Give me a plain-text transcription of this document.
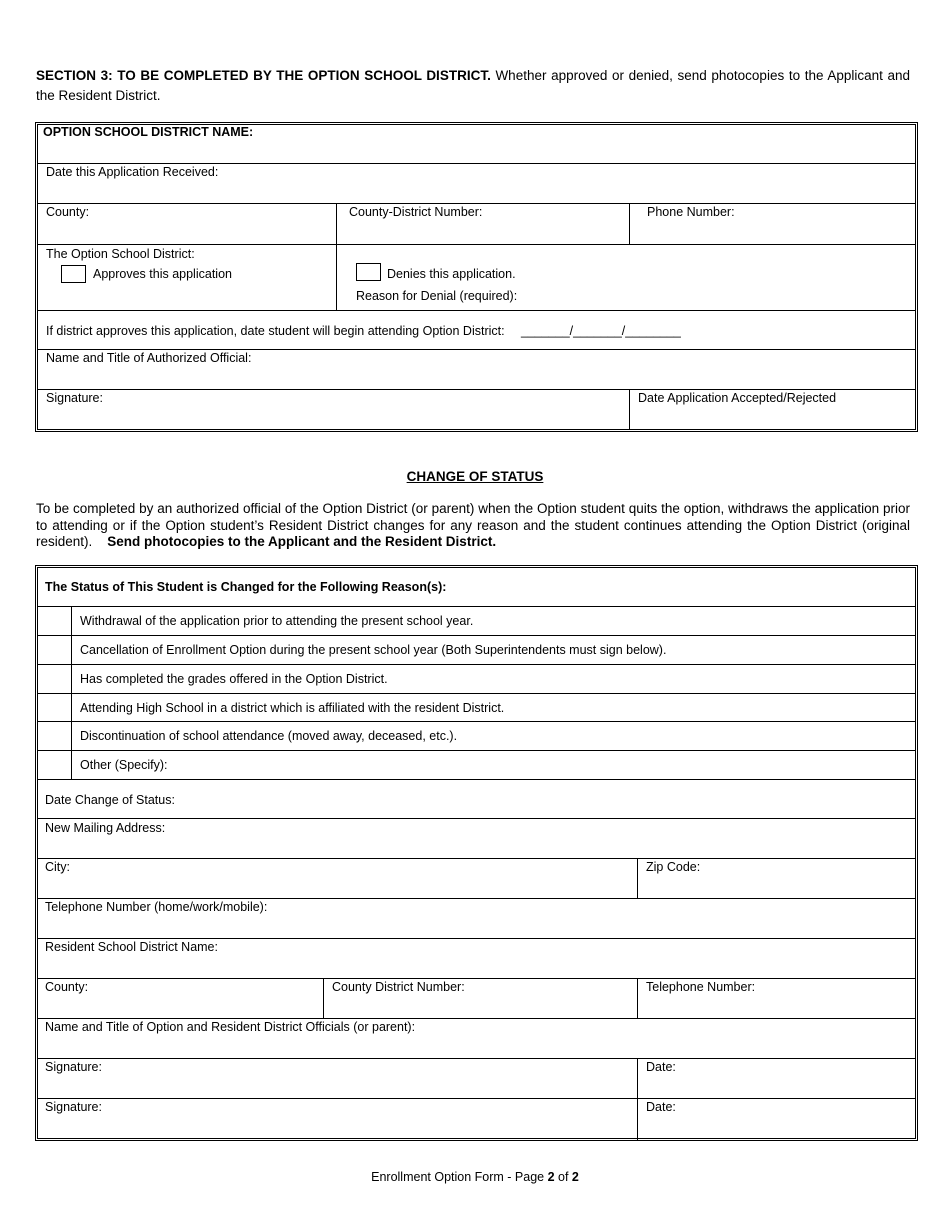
SECTION 3: TO BE COMPLETED BY THE OPTION SCHOOL DISTRICT. Whether approved or denied, send photocopies to the Applicant and the Resident District.
OPTION SCHOOL DISTRICT NAME:
Date this Application Received:
County:	County-District Number:	Phone Number:
The Option School District:
Approves this application	Denies this application.
Reason for Denial (required):
If district approves this application, date student will begin attending Option District: _______/_______/________
Name and Title of Authorized Official:
Signature:	Date Application Accepted/Rejected
CHANGE OF STATUS
To be completed by an authorized official of the Option District (or parent) when the Option student quits the option, withdraws the application prior to attending or if the Option student’s Resident District changes for any reason and the student continues attending the Option District (original resident). Send photocopies to the Applicant and the Resident District.
The Status of This Student is Changed for the Following Reason(s):
Withdrawal of the application prior to attending the present school year.
Cancellation of Enrollment Option during the present school year (Both Superintendents must sign below).
Has completed the grades offered in the Option District.
Attending High School in a district which is affiliated with the resident District.
Discontinuation of school attendance (moved away, deceased, etc.).
Other (Specify):
Date Change of Status:
New Mailing Address:
City:	Zip Code:
Telephone Number (home/work/mobile):
Resident School District Name:
County:	County District Number:	Telephone Number:
Name and Title of Option and Resident District Officials (or parent):
Signature:	Date:
Signature:	Date:
Enrollment Option Form - Page 2 of 2
